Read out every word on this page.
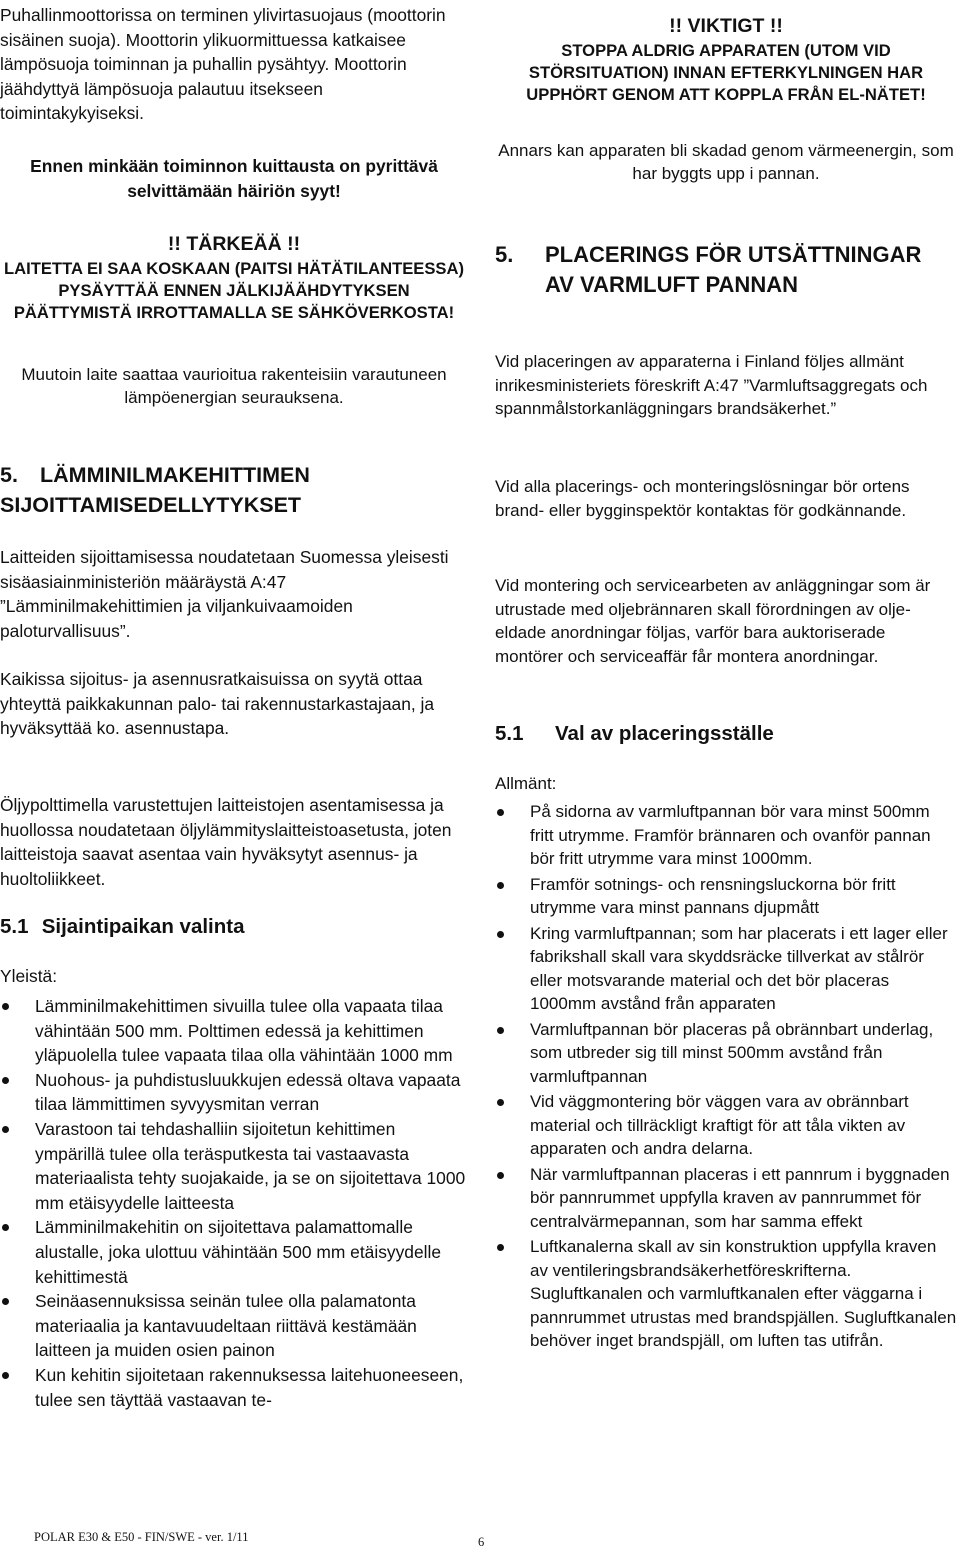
Puhallinmoottorissa on terminen ylivirtasuojaus (moottorin sisäinen suoja). Moottorin ylikuormittuessa katkaisee lämpösuoja toiminnan ja puhallin pysähtyy. Moottorin jäähdyttyä lämpösuoja palautuu itsekseen toimintakykyiseksi.

Ennen minkään toiminnon kuittausta on pyrittävä selvittämään häiriön syyt!

!! TÄRKEÄÄ !!

LAITETTA EI SAA KOSKAAN (PAITSI HÄTÄTILANTEESSA) PYSÄYTTÄÄ ENNEN JÄLKIJÄÄHDYTYKSEN PÄÄTTYMISTÄ IRROTTAMALLA SE SÄHKÖVERKOSTA!

Muutoin laite saattaa vaurioitua rakenteisiin varautuneen lämpöenergian seurauksena.

5. LÄMMINILMAKEHITTIMEN SIJOITTAMISEDELLYTYKSET

Laitteiden sijoittamisessa noudatetaan Suomessa yleisesti sisäasiainministeriön määräystä A:47 ”Lämminilmakehittimien ja viljankuivaamoiden paloturvallisuus”.

Kaikissa sijoitus- ja asennusratkaisuissa on syytä ottaa yhteyttä paikkakunnan palo- tai rakennustarkastajaan, ja hyväksyttää ko. asennustapa.

Öljypolttimella varustettujen laitteistojen asentamisessa ja huollossa noudatetaan öljylämmityslaitteistoasetusta, joten laitteistoja saavat asentaa vain hyväksytyt asennus- ja huoltoliikkeet.

5.1 Sijaintipaikan valinta

Yleistä:

Lämminilmakehittimen sivuilla tulee olla vapaata tilaa vähintään 500 mm. Polttimen edessä ja kehittimen yläpuolella tulee vapaata tilaa olla vähintään 1000 mm
Nuohous- ja puhdistusluukkujen edessä oltava vapaata tilaa lämmittimen syvyysmitan verran
Varastoon tai tehdashalliin sijoitetun kehittimen ympärillä tulee olla teräsputkesta tai vastaavasta materiaalista tehty suojakaide, ja se on sijoitettava 1000 mm etäisyydelle laitteesta
Lämminilmakehitin on sijoitettava palamattomalle alustalle, joka ulottuu vähintään 500 mm etäisyydelle kehittimestä
Seinäasennuksissa seinän tulee olla palamatonta materiaalia ja kantavuudeltaan riittävä kestämään laitteen ja muiden osien painon
Kun kehitin sijoitetaan rakennuksessa laitehuoneeseen, tulee sen täyttää vastaavan te-

!! VIKTIGT !!

STOPPA ALDRIG APPARATEN (UTOM VID STÖRSITUATION) INNAN EFTERKYLNINGEN HAR UPPHÖRT GENOM ATT KOPPLA FRÅN EL-NÄTET!

Annars kan apparaten bli skadad genom värmeenergin, som har byggts upp i pannan.

5.	PLACERINGS FÖR UTSÄTTNINGAR AV VARMLUFT PANNAN

Vid placeringen av apparaterna i Finland följes allmänt inrikesministeriets föreskrift A:47 ”Varmluftsaggregats och spannmålstorkanläggningars brandsäkerhet.”

Vid alla placerings- och monteringslösningar bör ortens brand- eller bygginspektör kontaktas för godkännande.

Vid montering och servicearbeten av anläggningar som är utrustade med oljebrännaren skall förordningen av olje- eldade anordningar följas, varför bara auktoriserade montörer och serviceaffär får montera anordningar.

5.1 Val av placeringsställe

Allmänt:

På sidorna av varmluftpannan bör vara minst 500mm fritt utrymme. Framför brännaren och ovanför pannan bör fritt utrymme vara minst 1000mm.
Framför sotnings- och rensningsluckorna bör fritt utrymme vara minst pannans djupmått
Kring varmluftpannan; som har placerats i ett lager eller fabrikshall skall vara skyddsräcke tillverkat av stålrör eller motsvarande material och det bör placeras 1000mm avstånd från apparaten
Varmluftpannan bör placeras på obrännbart underlag, som utbreder sig till minst 500mm avstånd från varmluftpannan
Vid väggmontering bör väggen vara av obrännbart material och tillräckligt kraftigt för att tåla vikten av apparaten och andra delarna.
När varmluftpannan placeras i ett pannrum i byggnaden bör pannrummet uppfylla kraven av pannrummet för centralvärmepannan, som har samma effekt
Luftkanalerna skall av sin konstruktion uppfylla kraven av ventileringsbrandsäkerhetföreskrifterna. Sugluftkanalen och varmluftkanalen efter väggarna i pannrummet utrustas med brandspjällen. Sugluftkanalen behöver inget brandspjäll, om luften tas utifrån.
POLAR E30 & E50 - FIN/SWE - ver. 1/11	6
